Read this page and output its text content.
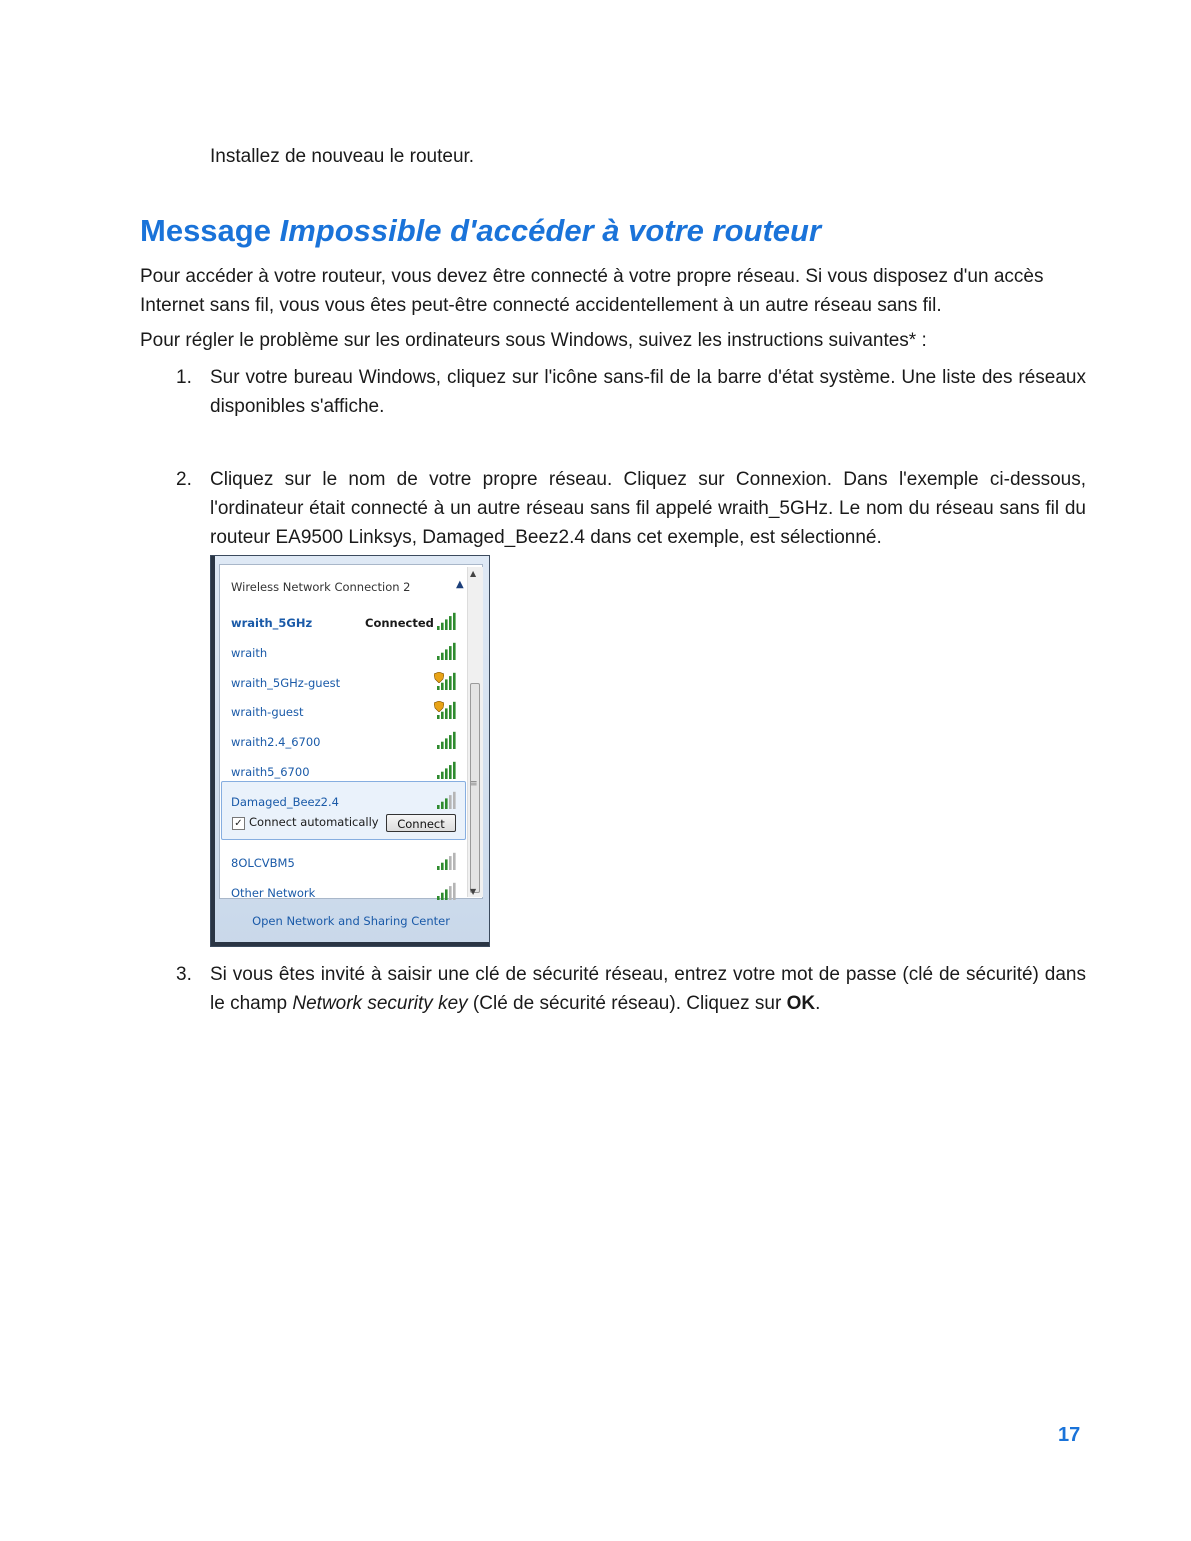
Installez de nouveau le routeur.
Message Impossible d'accéder à votre routeur

Pour accéder à votre routeur, vous devez être connecté à votre propre réseau. Si vous disposez d'un accès Internet sans fil, vous vous êtes peut-être connecté accidentellement à un autre réseau sans fil.

Pour régler le problème sur les ordinateurs sous Windows, suivez les instructions suivantes* :

1. Sur votre bureau Windows, cliquez sur l'icône sans-fil de la barre d'état système. Une liste des réseaux disponibles s'affiche.
2. Cliquez sur le nom de votre propre réseau. Cliquez sur Connexion. Dans l'exemple ci-dessous, l'ordinateur était connecté à un autre réseau sans fil appelé wraith_5GHz. Le nom du réseau sans fil du routeur EA9500 Linksys, Damaged_Beez2.4 dans cet exemple, est sélectionné.
Wireless Network Connection 2	▲
✓ Connect automatically	Connect
wraith_5GHz	Connected
wraith
wraith_5GHz-guest
wraith-guest
wraith2.4_6700
wraith5_6700
Damaged_Beez2.4
8OLCVBM5
Other Network
▲
≡
▼
Open Network and Sharing Center
3. Si vous êtes invité à saisir une clé de sécurité réseau, entrez votre mot de passe (clé de sécurité) dans le champ Network security key (Clé de sécurité réseau). Cliquez sur OK.
17
